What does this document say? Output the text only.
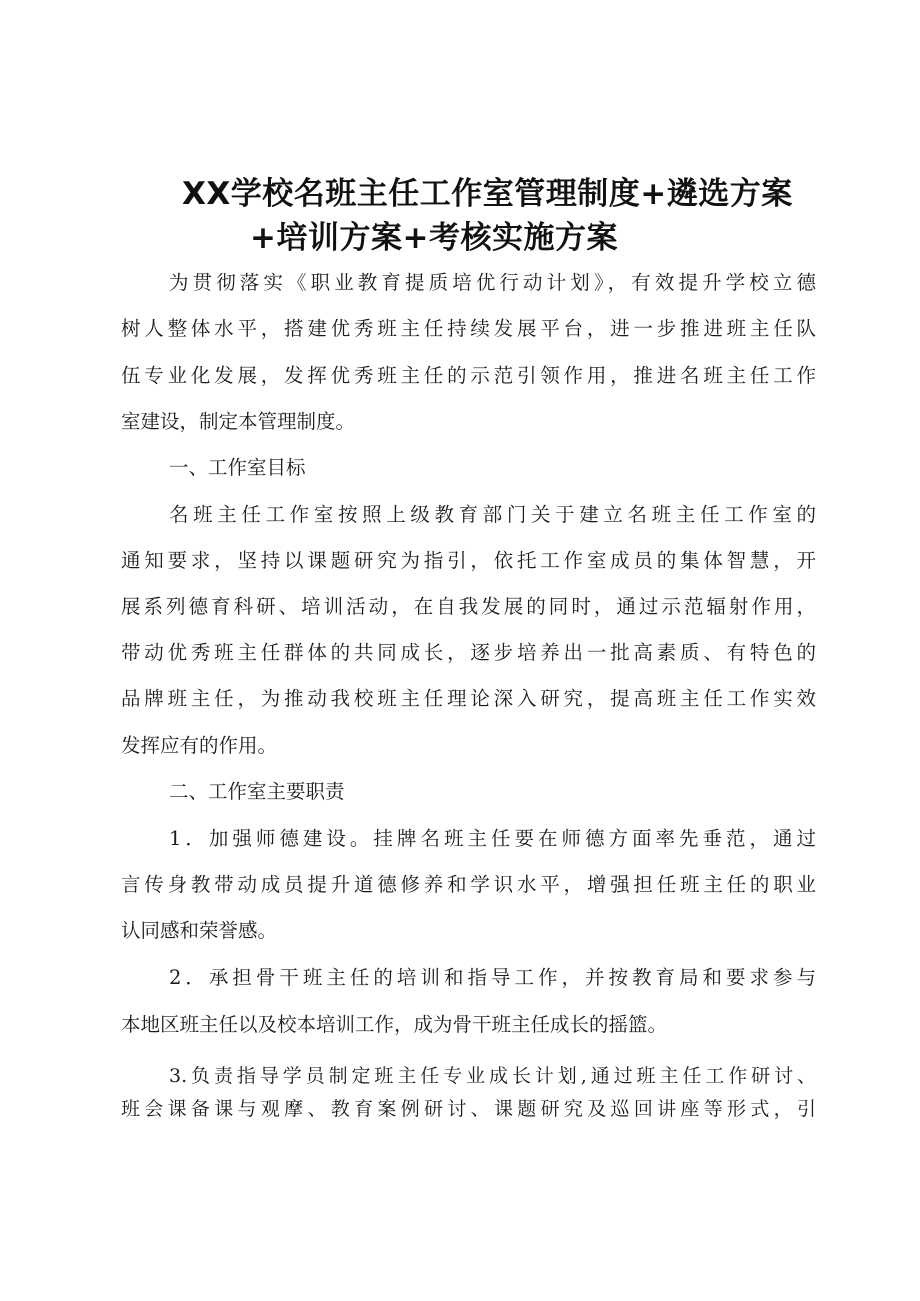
XX学校名班主任工作室管理制度+遴选方案
+培训方案+考核实施方案

为贯彻落实《职业教育提质培优行动计划》，有效提升学校立德

树人整体水平，搭建优秀班主任持续发展平台，进一步推进班主任队

伍专业化发展，发挥优秀班主任的示范引领作用，推进名班主任工作

室建设，制定本管理制度。

一、工作室目标

名班主任工作室按照上级教育部门关于建立名班主任工作室的

通知要求，坚持以课题研究为指引，依托工作室成员的集体智慧，开

展系列德育科研、培训活动，在自我发展的同时，通过示范辐射作用，

带动优秀班主任群体的共同成长，逐步培养出一批高素质、有特色的

品牌班主任，为推动我校班主任理论深入研究，提高班主任工作实效

发挥应有的作用。

二、工作室主要职责

1．加强师德建设。挂牌名班主任要在师德方面率先垂范，通过

言传身教带动成员提升道德修养和学识水平，增强担任班主任的职业

认同感和荣誉感。

2．承担骨干班主任的培训和指导工作，并按教育局和要求参与

本地区班主任以及校本培训工作，成为骨干班主任成长的摇篮。

3.负责指导学员制定班主任专业成长计划,通过班主任工作研讨、

班会课备课与观摩、教育案例研讨、课题研究及巡回讲座等形式，引
